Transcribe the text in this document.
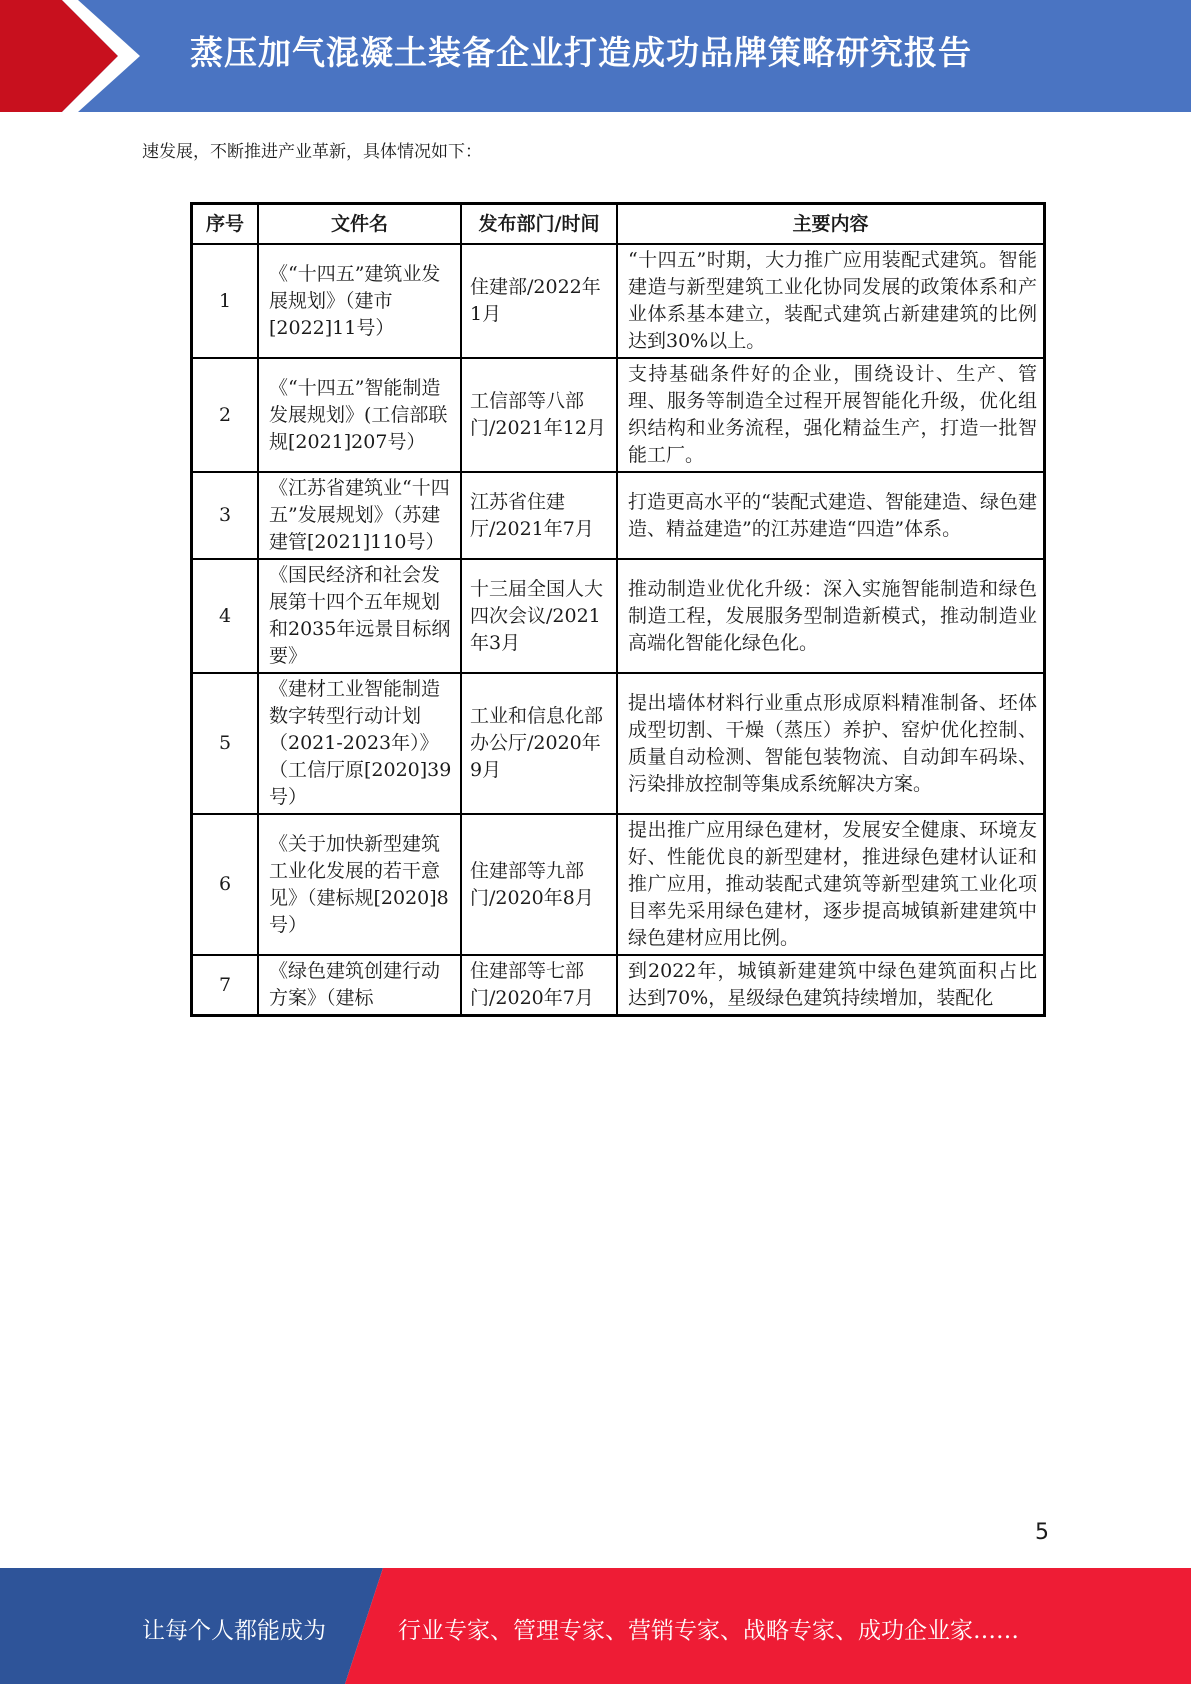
蒸压加气混凝土装备企业打造成功品牌策略研究报告
速发展，不断推进产业革新，具体情况如下：
序号	文件名	发布部门/时间	主要内容
1	《“十四五”建筑业发展规划》（建市[2022]11号）	住建部/2022年1月	“十四五”时期，大力推广应用装配式建筑。智能建造与新型建筑工业化协同发展的政策体系和产业体系基本建立，装配式建筑占新建建筑的比例达到30%以上。
2	《“十四五”智能制造发展规划》(工信部联规[2021]207号）	工信部等八部门/2021年12月	支持基础条件好的企业，围绕设计、生产、管理、服务等制造全过程开展智能化升级，优化组织结构和业务流程，强化精益生产，打造一批智能工厂。
3	《江苏省建筑业“十四五”发展规划》（苏建建管[2021]110号）	江苏省住建厅/2021年7月	打造更高水平的“装配式建造、智能建造、绿色建造、精益建造”的江苏建造“四造”体系。
4	《国民经济和社会发展第十四个五年规划和2035年远景目标纲要》	十三届全国人大四次会议/2021年3月	推动制造业优化升级：深入实施智能制造和绿色制造工程，发展服务型制造新模式，推动制造业高端化智能化绿色化。
5	《建材工业智能制造数字转型行动计划（2021-2023年）》（工信厅原[2020]39号）	工业和信息化部办公厅/2020年9月	提出墙体材料行业重点形成原料精准制备、坯体成型切割、干燥（蒸压）养护、窑炉优化控制、质量自动检测、智能包装物流、自动卸车码垛、污染排放控制等集成系统解决方案。
6	《关于加快新型建筑工业化发展的若干意见》（建标规[2020]8号）	住建部等九部门/2020年8月	提出推广应用绿色建材，发展安全健康、环境友好、性能优良的新型建材，推进绿色建材认证和推广应用，推动装配式建筑等新型建筑工业化项目率先采用绿色建材，逐步提高城镇新建建筑中绿色建材应用比例。
7	《绿色建筑创建行动方案》（建标	住建部等七部门/2020年7月	到2022年，城镇新建建筑中绿色建筑面积占比达到70%，星级绿色建筑持续增加，装配化
5
让每个人都能成为	行业专家、管理专家、营销专家、战略专家、成功企业家……
